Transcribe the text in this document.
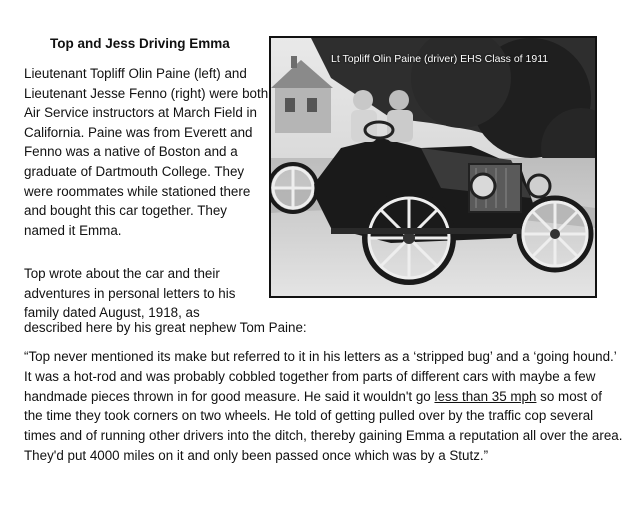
Top and Jess Driving Emma

Lieutenant Topliff Olin Paine (left) and Lieutenant Jesse Fenno (right) were both Air Service instructors at March Field in California. Paine was from Everett and Fenno was a native of Boston and a graduate of Dartmouth College. They were roommates while stationed there and bought this car together. They named it Emma.

Top wrote about the car and their adventures in personal letters to his family dated August, 1918, as

described here by his great nephew Tom Paine:

“Top never mentioned its make but referred to it in his letters as a ‘stripped bug’ and a ‘going hound.’ It was a hot-rod and was probably cobbled together from parts of different cars with maybe a few handmade pieces thrown in for good measure. He said it wouldn't go less than 35 mph so most of the time they took corners on two wheels. He told of getting pulled over by the traffic cop several times and of running other drivers into the ditch, thereby gaining Emma a reputation all over the area. They'd put 4000 miles on it and only been passed once which was by a Stutz.”

Lt Topliff Olin Paine (driver) EHS Class of 1911
